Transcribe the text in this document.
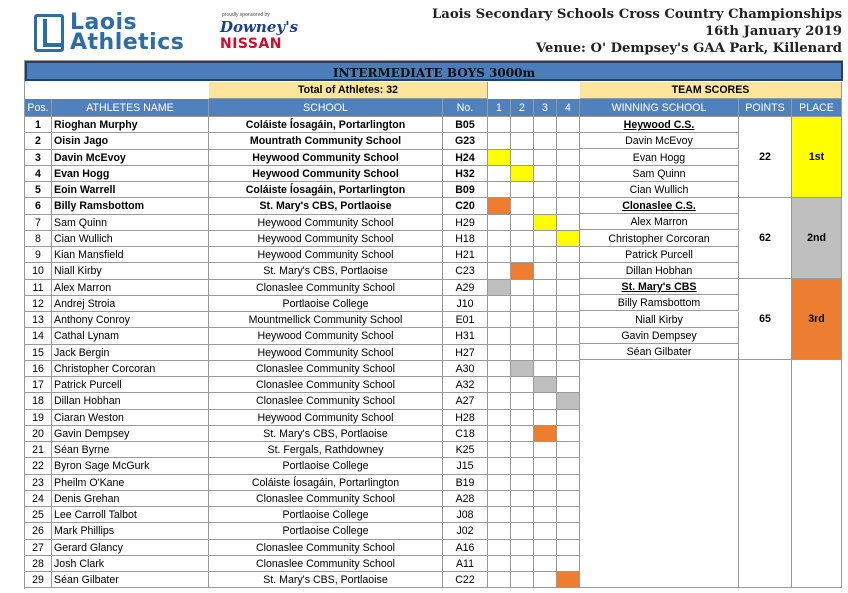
Laois
Athletics
proudly sponsored by
Downey's
NISSAN
Laois Secondary Schools Cross Country Championships
16th January 2019
Venue: O' Dempsey's GAA Park, Killenard
INTERMEDIATE BOYS 3000m
Total of Athletes: 32	TEAM SCORES
Pos.	ATHLETES NAME	SCHOOL	No.	1	2	3	4	WINNING SCHOOL	POINTS	PLACE
1	Rioghan Murphy	Coláiste Íosagáin, Portarlington	B05
2	Oisin Jago	Mountrath Community School	G23
3	Davin McEvoy	Heywood Community School	H24
4	Evan Hogg	Heywood Community School	H32
5	Eoin Warrell	Coláiste Íosagáin, Portarlington	B09
6	Billy Ramsbottom	St. Mary's CBS, Portlaoise	C20
7	Sam Quinn	Heywood Community School	H29
8	Cian Wullich	Heywood Community School	H18
9	Kian Mansfield	Heywood Community School	H21
10 Niall Kirby	St. Mary's CBS, Portlaoise	C23
11 Alex Marron	Clonaslee Community School	A29
12 Andrej Stroia	Portlaoise College	J10
13 Anthony Conroy	Mountmellick Community School	E01
14 Cathal Lynam	Heywood Community School	H31
15 Jack Bergin	Heywood Community School	H27
16 Christopher Corcoran	Clonaslee Community School	A30
17 Patrick Purcell	Clonaslee Community School	A32
18 Dillan Hobhan	Clonaslee Community School	A27
19 Ciaran Weston	Heywood Community School	H28
20 Gavin Dempsey	St. Mary's CBS, Portlaoise	C18
21 Séan Byrne	St. Fergals, Rathdowney	K25
22 Byron Sage McGurk	Portlaoise College	J15
23 Pheilm O'Kane	Coláiste Íosagáin, Portarlington	B19
24 Denis Grehan	Clonaslee Community School	A28
25 Lee Carroll Talbot	Portlaoise College	J08
26 Mark Phillips	Portlaoise College	J02
27 Gerard Glancy	Clonaslee Community School	A16
28 Josh Clark	Clonaslee Community School	A11
29 Séan Gilbater	St. Mary's CBS, Portlaoise	C22
Heywood C.S.
Davin McEvoy
Evan Hogg
Sam Quinn
Cian Wullich
22	1st
Clonaslee C.S.
Alex Marron
Christopher Corcoran
Patrick Purcell
Dillan Hobhan
62	2nd
St. Mary's CBS
Billy Ramsbottom
Niall Kirby
Gavin Dempsey
Séan Gilbater
65	3rd
